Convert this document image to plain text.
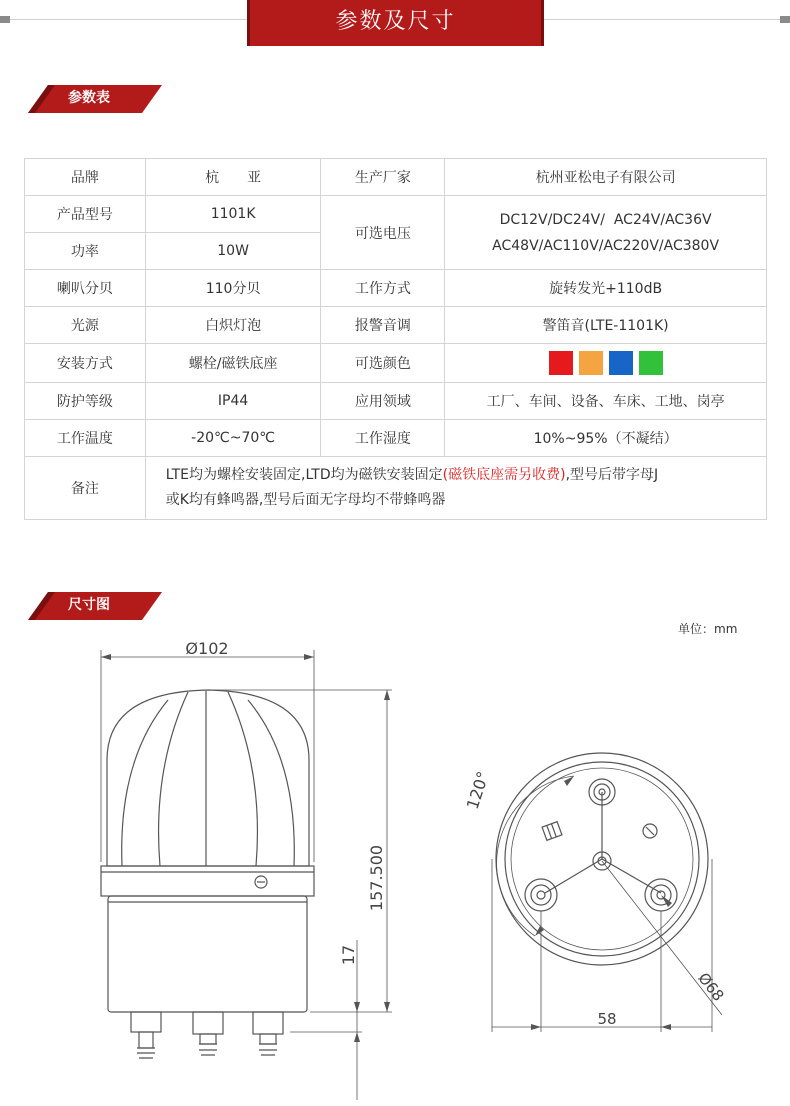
参数及尺寸
参数表
品牌	杭　　亚	生产厂家	杭州亚松电子有限公司
产品型号	1101K	可选电压	DC12V/DC24V/  AC24V/AC36V
AC48V/AC110V/AC220V/AC380V

功率	10W		
喇叭分贝	110分贝	工作方式	旋转发光+110dB
光源	白炽灯泡	报警音调	警笛音(LTE-1101K)
安装方式	螺栓/磁铁底座	可选颜色	
防护等级	IP44	应用领域	工厂、车间、设备、车床、工地、岗亭
工作温度	-20℃~70℃	工作湿度	10%~95%（不凝结）
备注	LTE均为螺栓安装固定,LTD均为磁铁安装固定(磁铁底座需另收费),型号后带字母J
或K均有蜂鸣器,型号后面无字母均不带蜂鸣器		
尺寸图
单位：mm
Ø102
157.500
17
120°
58
Ø68
